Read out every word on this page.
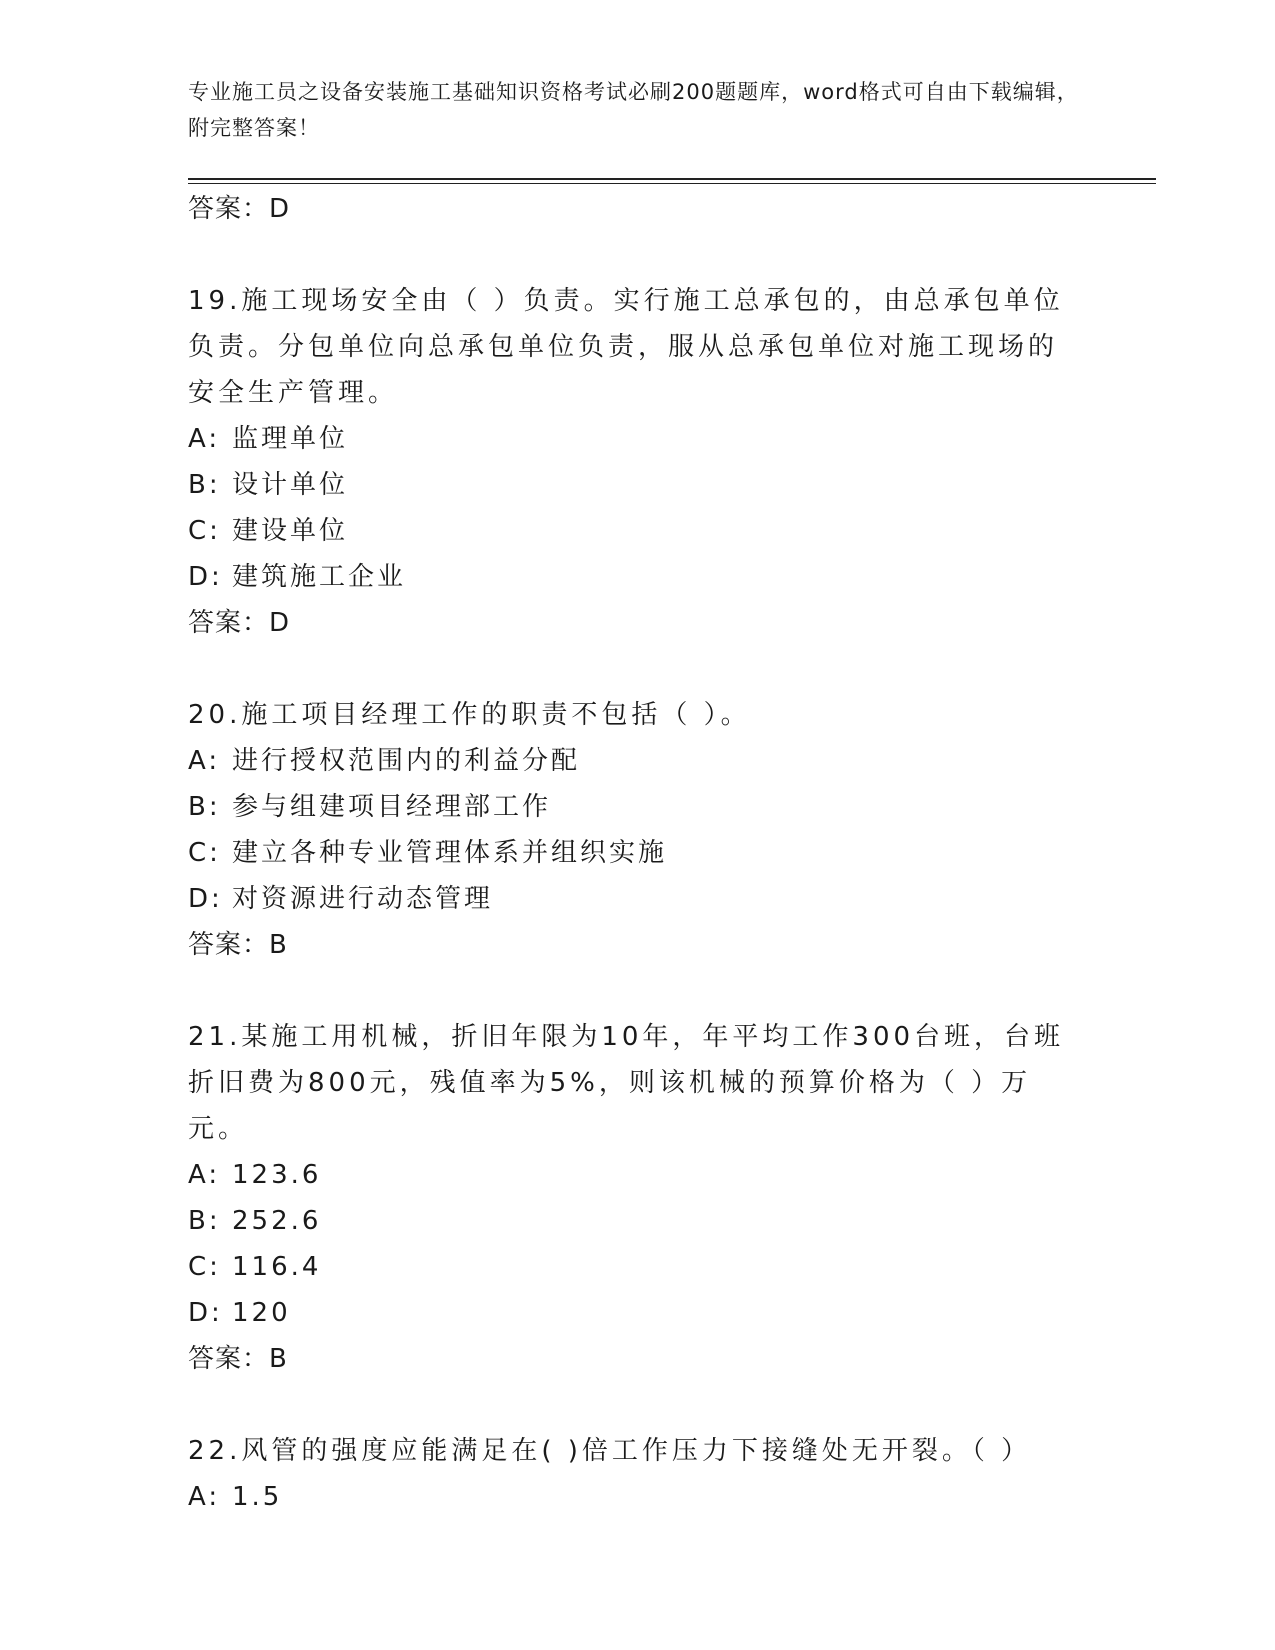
专业施工员之设备安装施工基础知识资格考试必刷200题题库，word格式可自由下载编辑，附完整答案！
答案：D

19.施工现场安全由（ ）负责。实行施工总承包的，由总承包单位负责。分包单位向总承包单位负责，服从总承包单位对施工现场的安全生产管理。

A: 监理单位
B: 设计单位
C: 建设单位
D: 建筑施工企业
答案：D

20.施工项目经理工作的职责不包括（ ）。

A: 进行授权范围内的利益分配
B: 参与组建项目经理部工作
C: 建立各种专业管理体系并组织实施
D: 对资源进行动态管理
答案：B

21.某施工用机械，折旧年限为10年，年平均工作300台班，台班折旧费为800元，残值率为5%，则该机械的预算价格为（ ）万元。

A: 123.6
B: 252.6
C: 116.4
D: 120
答案：B

22.风管的强度应能满足在( )倍工作压力下接缝处无开裂。（ ）

A: 1.5
